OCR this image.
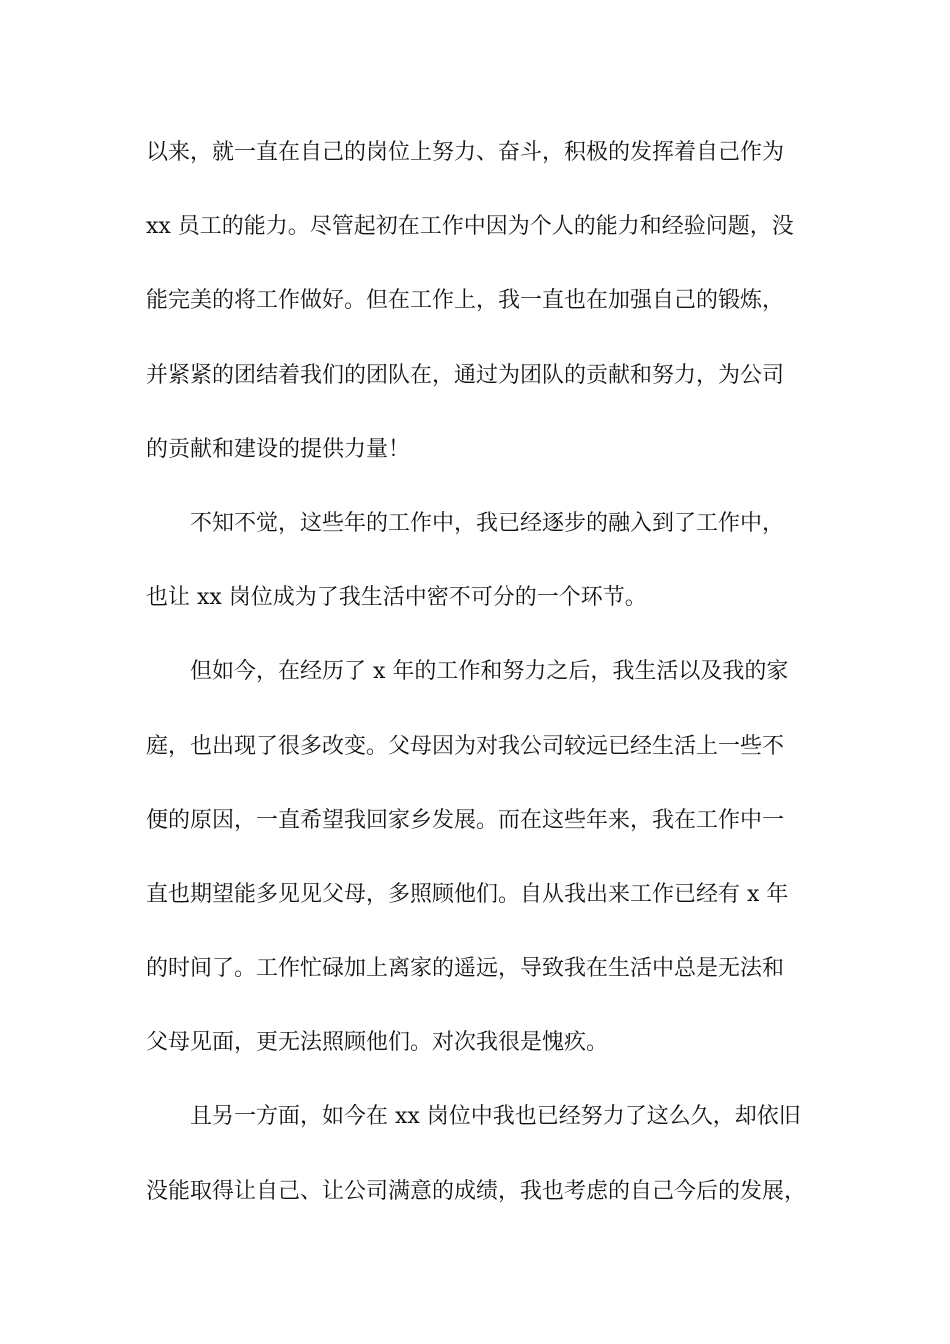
以来，就一直在自己的岗位上努力、奋斗，积极的发挥着自己作为
xx 员工的能力。尽管起初在工作中因为个人的能力和经验问题，没
能完美的将工作做好。但在工作上，我一直也在加强自己的锻炼，
并紧紧的团结着我们的团队在，通过为团队的贡献和努力，为公司
的贡献和建设的提供力量！
不知不觉，这些年的工作中，我已经逐步的融入到了工作中，
也让 xx 岗位成为了我生活中密不可分的一个环节。
但如今，在经历了 x 年的工作和努力之后，我生活以及我的家
庭，也出现了很多改变。父母因为对我公司较远已经生活上一些不
便的原因，一直希望我回家乡发展。而在这些年来，我在工作中一
直也期望能多见见父母，多照顾他们。自从我出来工作已经有 x 年
的时间了。工作忙碌加上离家的遥远，导致我在生活中总是无法和
父母见面，更无法照顾他们。对次我很是愧疚。
且另一方面，如今在 xx 岗位中我也已经努力了这么久，却依旧
没能取得让自己、让公司满意的成绩，我也考虑的自己今后的发展，
